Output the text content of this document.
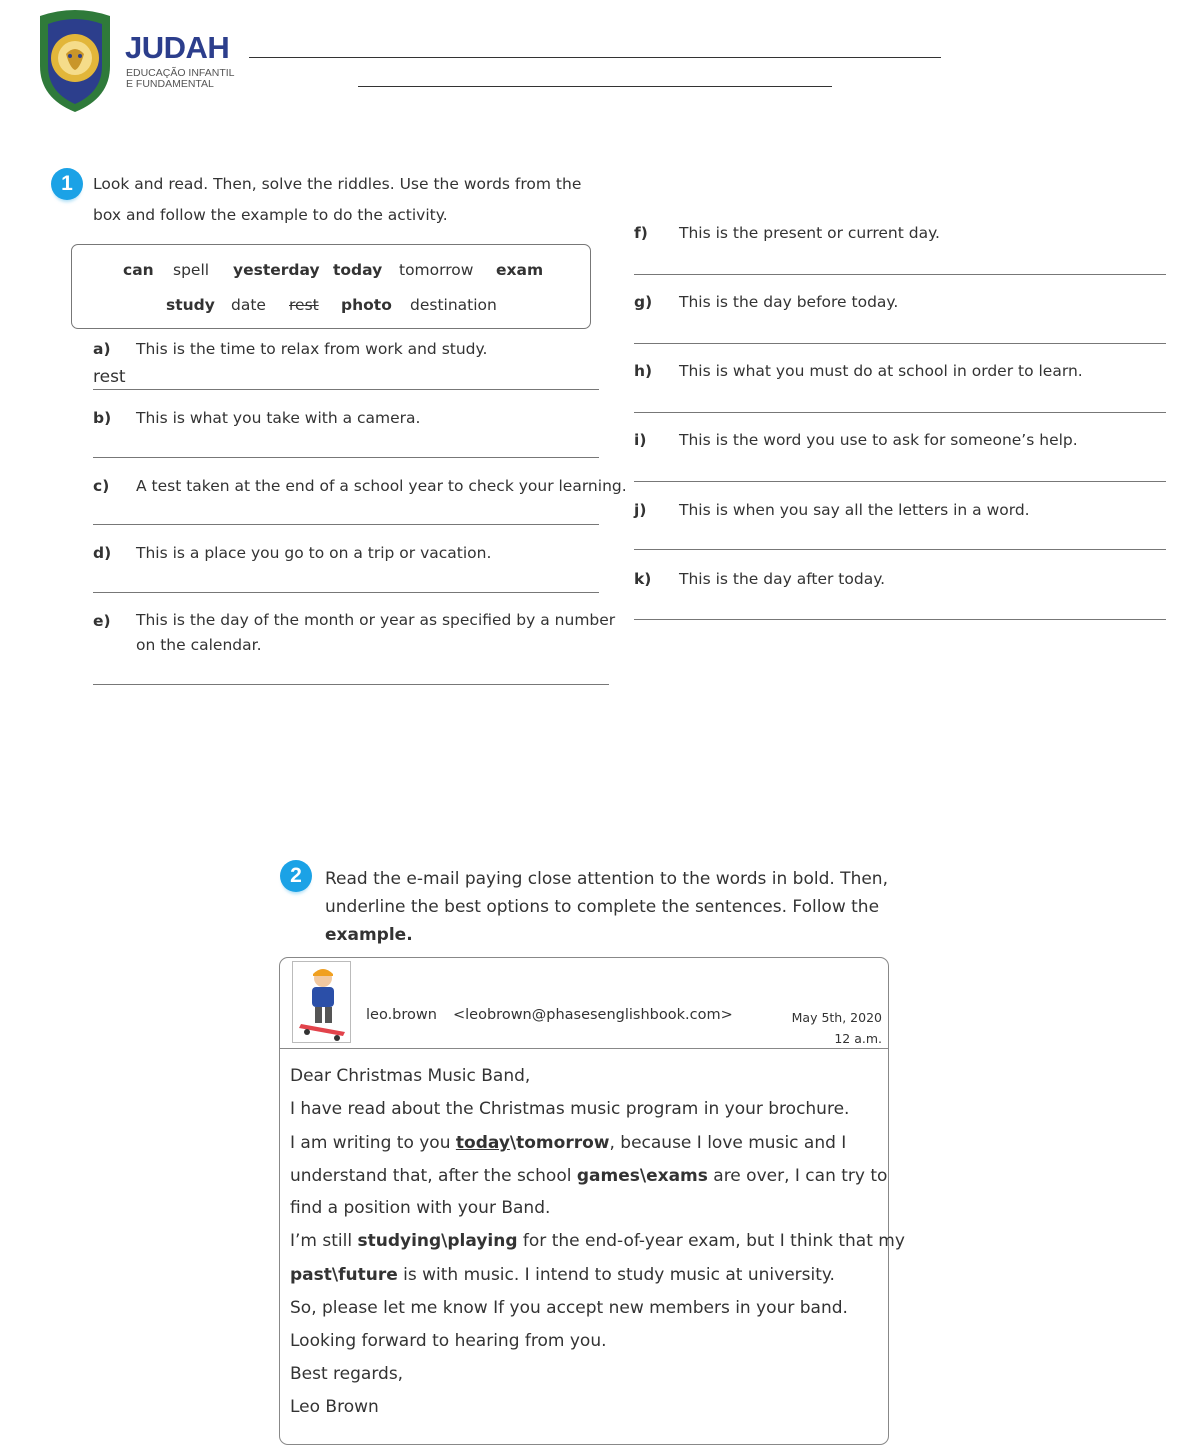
JUDAH
EDUCAÇÃO INFANTIL
E FUNDAMENTAL
1	Look and read. Then, solve the riddles. Use the words from the
box and follow the example to do the activity.
can spell yesterday today tomorrow exam
study date rest photo destination
a) This is the time to relax from work and study.
rest
b) This is what you take with a camera.
c) A test taken at the end of a school year to check your learning.
d) This is a place you go to on a trip or vacation.
e) This is the day of the month or year as specified by a number
on the calendar.
f) This is the present or current day.
g) This is the day before today.
h) This is what you must do at school in order to learn.
i) This is the word you use to ask for someone’s help.
j) This is when you say all the letters in a word.
k) This is the day after today.
2	Read the e-mail paying close attention to the words in bold. Then,
underline the best options to complete the sentences. Follow the
example.
leo.brown <leobrown@phasesenglishbook.com>	May 5th, 2020
12 a.m.
Dear Christmas Music Band,
I have read about the Christmas music program in your brochure.
I am writing to you today\tomorrow, because I love music and I
understand that, after the school games\exams are over, I can try to
find a position with your Band.
I’m still studying\playing for the end-of-year exam, but I think that my
past\future is with music. I intend to study music at university.
So, please let me know If you accept new members in your band.
Looking forward to hearing from you.
Best regards,
Leo Brown
